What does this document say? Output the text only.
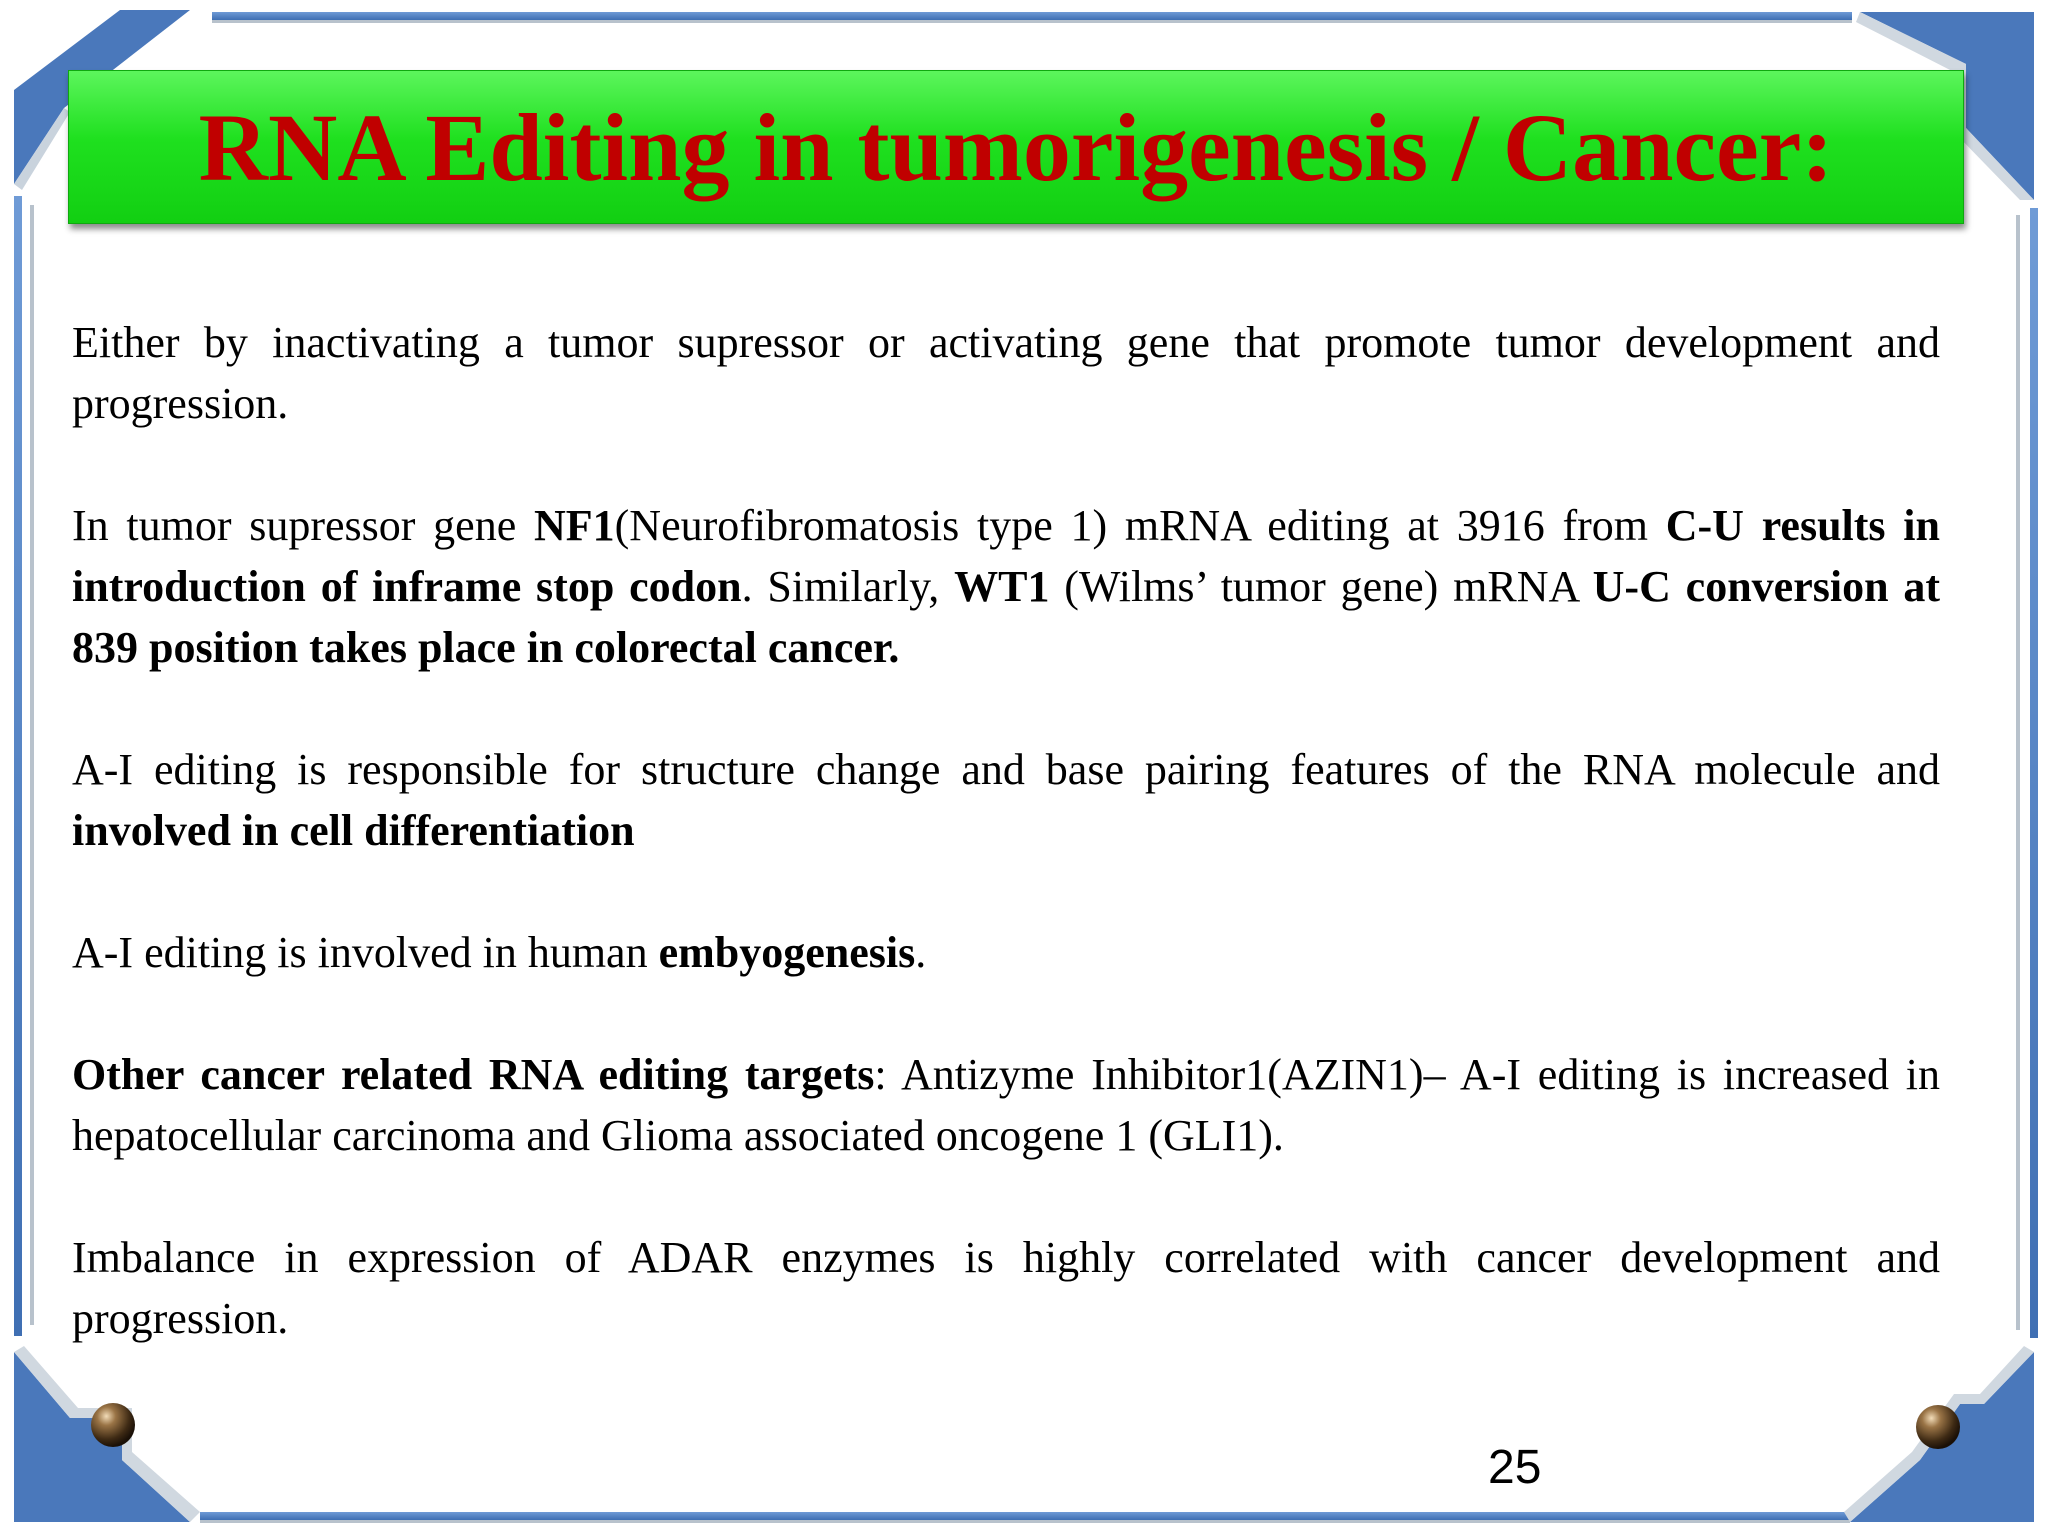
RNA Editing in tumorigenesis / Cancer:

Either by inactivating a tumor supressor or activating gene that promote tumor development and progression.

In tumor supressor gene NF1(Neurofibromatosis type 1) mRNA editing at 3916 from C-U results in introduction of inframe stop codon. Similarly, WT1 (Wilms’ tumor gene) mRNA U-C conversion at 839 position takes place in colorectal cancer.

A-I editing is responsible for structure change and base pairing features of the RNA molecule and involved in cell differentiation

A-I editing is involved in human embyogenesis.

Other cancer related RNA editing targets: Antizyme Inhibitor1(AZIN1)– A-I editing is increased in hepatocellular carcinoma and Glioma associated oncogene 1 (GLI1).

Imbalance in expression of ADAR enzymes is highly correlated with cancer development and progression.

25
